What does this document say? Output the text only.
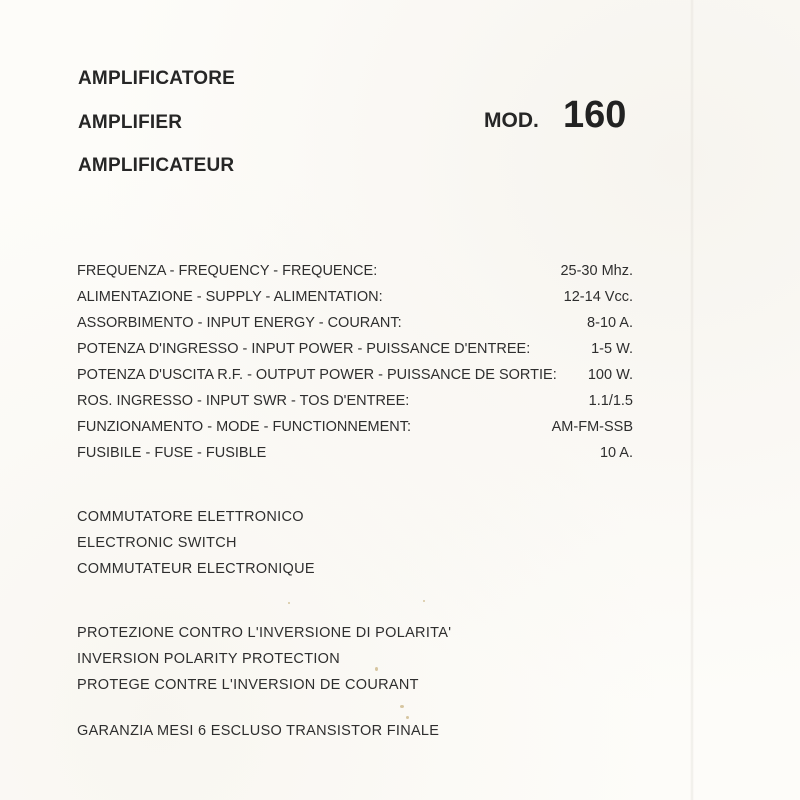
AMPLIFICATORE
AMPLIFIER
AMPLIFICATEUR
MOD. 160
FREQUENZA - FREQUENCY - FREQUENCE:	25-30 Mhz.
ALIMENTAZIONE - SUPPLY - ALIMENTATION:	12-14 Vcc.
ASSORBIMENTO - INPUT ENERGY - COURANT:	8-10 A.
POTENZA D'INGRESSO - INPUT POWER - PUISSANCE D'ENTREE:	1-5 W.
POTENZA D'USCITA R.F. - OUTPUT POWER - PUISSANCE DE SORTIE: 100 W.
ROS. INGRESSO - INPUT SWR - TOS D'ENTREE:	1.1/1.5
FUNZIONAMENTO - MODE - FUNCTIONNEMENT:	AM-FM-SSB
FUSIBILE - FUSE - FUSIBLE	10 A.
COMMUTATORE ELETTRONICO
ELECTRONIC SWITCH
COMMUTATEUR ELECTRONIQUE
PROTEZIONE CONTRO L'INVERSIONE DI POLARITA'
INVERSION POLARITY PROTECTION
PROTEGE CONTRE L'INVERSION DE COURANT
GARANZIA MESI 6 ESCLUSO TRANSISTOR FINALE
